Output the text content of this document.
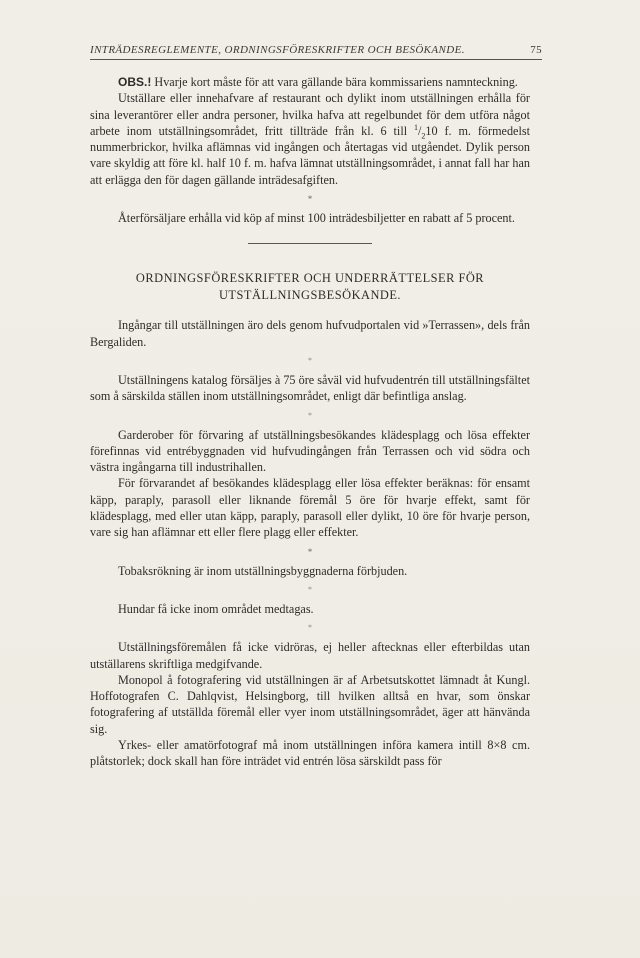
INTRÄDESREGLEMENTE, ORDNINGSFÖRESKRIFTER OCH BESÖKANDE.	75

OBS.! Hvarje kort måste för att vara gällande bära kommissariens namnteckning.

Utställare eller innehafvare af restaurant och dylikt inom utställningen erhålla för sina leverantörer eller andra personer, hvilka hafva att regelbundet för dem utföra något arbete inom utställningsområdet, fritt tillträde från kl. 6 till $^1/_210$ f. m. förmedelst nummerbrickor, hvilka aflämnas vid ingången och återtagas vid utgåendet. Dylik person vare skyldig att före kl. half 10 f. m. hafva lämnat utställningsområdet, i annat fall har han att erlägga den för dagen gällande inträdesafgiften.

*

Återförsäljare erhålla vid köp af minst 100 inträdesbiljetter en rabatt af 5 procent.

ORDNINGSFÖRESKRIFTER OCH UNDERRÄTTELSER FÖR
UTSTÄLLNINGSBESÖKANDE.

Ingångar till utställningen äro dels genom hufvudportalen vid »Terrassen», dels från Bergaliden.

*

Utställningens katalog försäljes à 75 öre såväl vid hufvudentrén till utställningsfältet som å särskilda ställen inom utställningsområdet, enligt där befintliga anslag.

*

Garderober för förvaring af utställningsbesökandes klädesplagg och lösa effekter förefinnas vid entrébyggnaden vid hufvudingången från Terrassen och vid södra och västra ingångarna till industrihallen.

För förvarandet af besökandes klädesplagg eller lösa effekter beräknas: för ensamt käpp, paraply, parasoll eller liknande föremål 5 öre för hvarje effekt, samt för klädesplagg, med eller utan käpp, paraply, parasoll eller dylikt, 10 öre för hvarje person, vare sig han aflämnar ett eller flere plagg eller effekter.

*

Tobaksrökning är inom utställningsbyggnaderna förbjuden.

*

Hundar få icke inom området medtagas.

*

Utställningsföremålen få icke vidröras, ej heller aftecknas eller efterbildas utan utställarens skriftliga medgifvande.

Monopol å fotografering vid utställningen är af Arbetsutskottet lämnadt åt Kungl. Hoffotografen C. Dahlqvist, Helsingborg, till hvilken alltså en hvar, som önskar fotografering af utställda föremål eller vyer inom utställningsområdet, äger att hänvända sig.

Yrkes- eller amatörfotograf må inom utställningen införa kamera intill 8×8 cm. plåtstorlek; dock skall han före inträdet vid entrén lösa särskildt pass för
